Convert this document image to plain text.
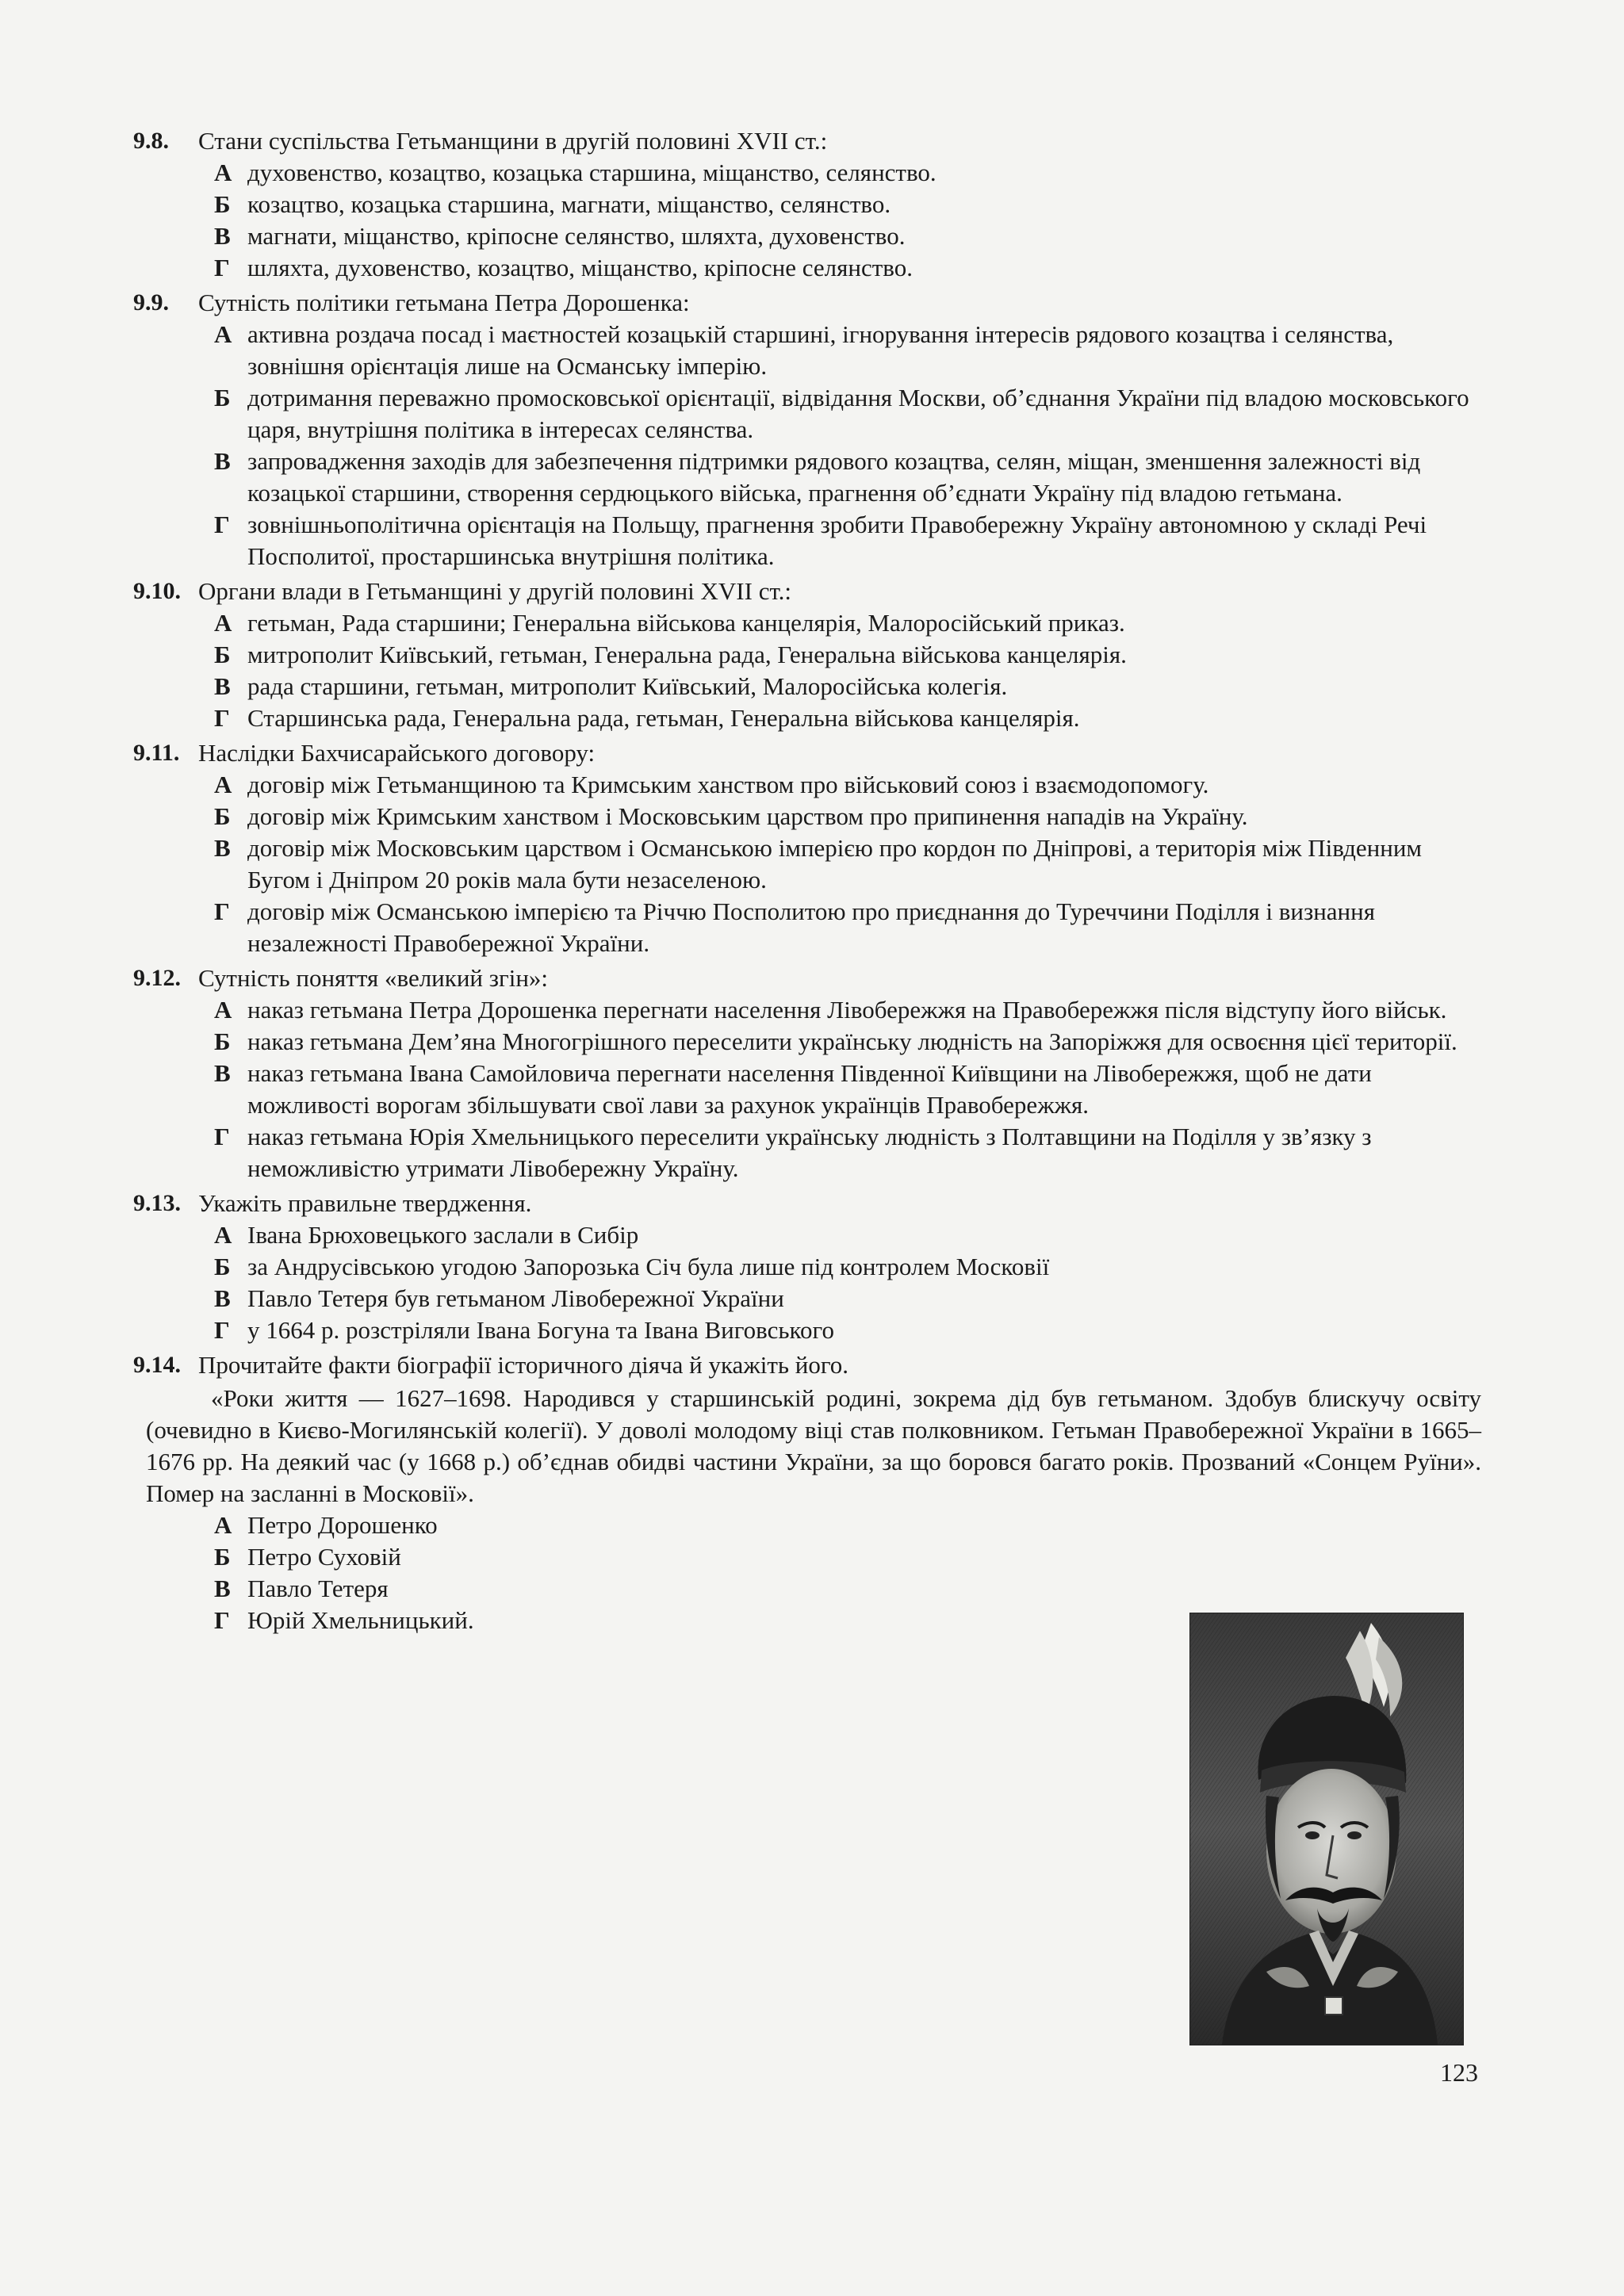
9.8. Стани суспільства Гетьманщини в другій половині XVII ст.:
А духовенство, козацтво, козацька старшина, міщанство, селянство.
Б козацтво, козацька старшина, магнати, міщанство, селянство.
В магнати, міщанство, кріпосне селянство, шляхта, духовенство.
Г шляхта, духовенство, козацтво, міщанство, кріпосне селянство.
9.9. Сутність політики гетьмана Петра Дорошенка:
А активна роздача посад і маєтностей козацькій старшині, ігнорування інтересів рядового козацтва і селянства, зовнішня орієнтація лише на Османську імперію.
Б дотримання переважно промосковської орієнтації, відвідання Москви, об’єднання України під владою московського царя, внутрішня політика в інтересах селянства.
В запровадження заходів для забезпечення підтримки рядового козацтва, селян, міщан, зменшення залежності від козацької старшини, створення сердюцького війська, прагнення об’єднати Україну під владою гетьмана.
Г зовнішньополітична орієнтація на Польщу, прагнення зробити Правобережну Україну автономною у складі Речі Посполитої, простаршинська внутрішня політика.
9.10. Органи влади в Гетьманщині у другій половині XVII ст.:
А гетьман, Рада старшини; Генеральна військова канцелярія, Малоросійський приказ.
Б митрополит Київський, гетьман, Генеральна рада, Генеральна військова канцелярія.
В рада старшини, гетьман, митрополит Київський, Малоросійська колегія.
Г Старшинська рада, Генеральна рада, гетьман, Генеральна військова канцелярія.
9.11. Наслідки Бахчисарайського договору:
А договір між Гетьманщиною та Кримським ханством про військовий союз і взаємодопомогу.
Б договір між Кримським ханством і Московським царством про припинення нападів на Україну.
В договір між Московським царством і Османською імперією про кордон по Дніпрові, а територія між Південним Бугом і Дніпром 20 років мала бути незаселеною.
Г договір між Османською імперією та Річчю Посполитою про приєднання до Туреччини Поділля і визнання незалежності Правобережної України.
9.12. Сутність поняття «великий згін»:
А наказ гетьмана Петра Дорошенка перегнати населення Лівобережжя на Правобережжя після відступу його військ.
Б наказ гетьмана Дем’яна Многогрішного переселити українську людність на Запоріжжя для освоєння цієї території.
В наказ гетьмана Івана Самойловича перегнати населення Південної Київщини на Лівобережжя, щоб не дати можливості ворогам збільшувати свої лави за рахунок українців Правобережжя.
Г наказ гетьмана Юрія Хмельницького переселити українську людність з Полтавщини на Поділля у зв’язку з неможливістю утримати Лівобережну Україну.
9.13. Укажіть правильне твердження.
А Івана Брюховецького заслали в Сибір
Б за Андрусівською угодою Запорозька Січ була лише під контролем Московії
В Павло Тетеря був гетьманом Лівобережної України
Г у 1664 р. розстріляли Івана Богуна та Івана Виговського
9.14. Прочитайте факти біографії історичного діяча й укажіть його.
«Роки життя — 1627–1698. Народився у старшинській родині, зокрема дід був гетьманом. Здобув блискучу освіту (очевидно в Києво-Могилянській колегії). У доволі молодому віці став полковником. Гетьман Правобережної України в 1665–1676 рр. На деякий час (у 1668 р.) об’єднав обидві частини України, за що боровся багато років. Прозваний «Сонцем Руїни». Помер на засланні в Московії».
А Петро Дорошенко
Б Петро Суховій
В Павло Тетеря
Г Юрій Хмельницький.
123
